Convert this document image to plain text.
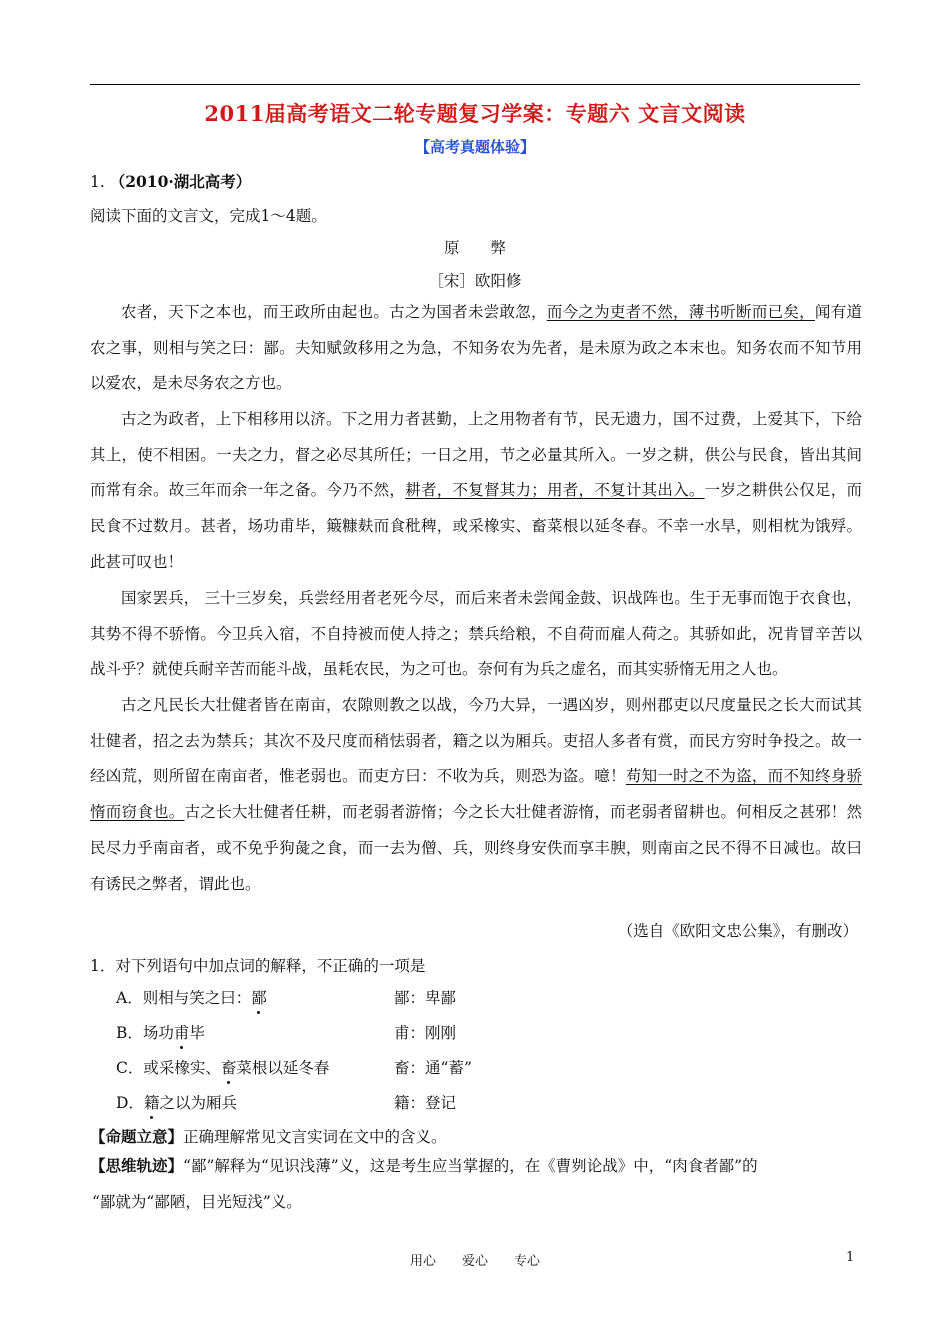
2011届高考语文二轮专题复习学案：专题六 文言文阅读
【高考真题体验】
1. （2010·湖北高考）
阅读下面的文言文，完成1～4题。
原　　弊
［宋］欧阳修
农者，天下之本也，而王政所由起也。古之为国者未尝敢忽，而今之为吏者不然，薄书听断而已矣，闻有道农之事，则相与笑之曰：鄙。夫知赋敛移用之为急，不知务农为先者，是未原为政之本末也。知务农而不知节用以爱农，是未尽务农之方也。
古之为政者，上下相移用以济。下之用力者甚勤，上之用物者有节，民无遗力，国不过费，上爱其下，下给其上，使不相困。一夫之力，督之必尽其所任；一日之用，节之必量其所入。一岁之耕，供公与民食，皆出其间而常有余。故三年而余一年之备。今乃不然，耕者，不复督其力；用者，不复计其出入。一岁之耕供公仅足，而民食不过数月。甚者，场功甫毕，簸糠麸而食秕稗，或采橡实、畜菜根以延冬春。不幸一水旱，则相枕为饿殍。此甚可叹也！
国家罢兵， 三十三岁矣，兵尝经用者老死今尽，而后来者未尝闻金鼓、识战阵也。生于无事而饱于衣食也，其势不得不骄惰。今卫兵入宿，不自持被而使人持之；禁兵给粮，不自荷而雇人荷之。其骄如此，况肯冒辛苦以战斗乎？就使兵耐辛苦而能斗战，虽耗农民，为之可也。奈何有为兵之虚名，而其实骄惰无用之人也。
古之凡民长大壮健者皆在南亩，农隙则教之以战，今乃大异，一遇凶岁，则州郡吏以尺度量民之长大而试其壮健者，招之去为禁兵；其次不及尺度而稍怯弱者，籍之以为厢兵。吏招人多者有赏，而民方穷时争投之。故一经凶荒，则所留在南亩者，惟老弱也。而吏方曰：不收为兵，则恐为盗。噫！苟知一时之不为盗，而不知终身骄惰而窃食也。古之长大壮健者任耕，而老弱者游惰；今之长大壮健者游惰，而老弱者留耕也。何相反之甚邪！然民尽力乎南亩者，或不免乎狗彘之食，而一去为僧、兵，则终身安佚而享丰腴，则南亩之民不得不日减也。故曰有诱民之弊者，谓此也。
（选自《欧阳文忠公集》，有删改）
1．对下列语句中加点词的解释，不正确的一项是
A．则相与笑之曰：鄙	鄙：卑鄙
B．场功甫毕	甫：刚刚
C．或采橡实、畜菜根以延冬春	畜：通“蓄”
D．籍之以为厢兵	籍：登记
【命题立意】正确理解常见文言实词在文中的含义。
【思维轨迹】“鄙”解释为“见识浅薄”义，这是考生应当掌握的，在《曹刿论战》中，“肉食者鄙”的
“鄙就为“鄙陋，目光短浅”义。
用心　　爱心　　专心	1
